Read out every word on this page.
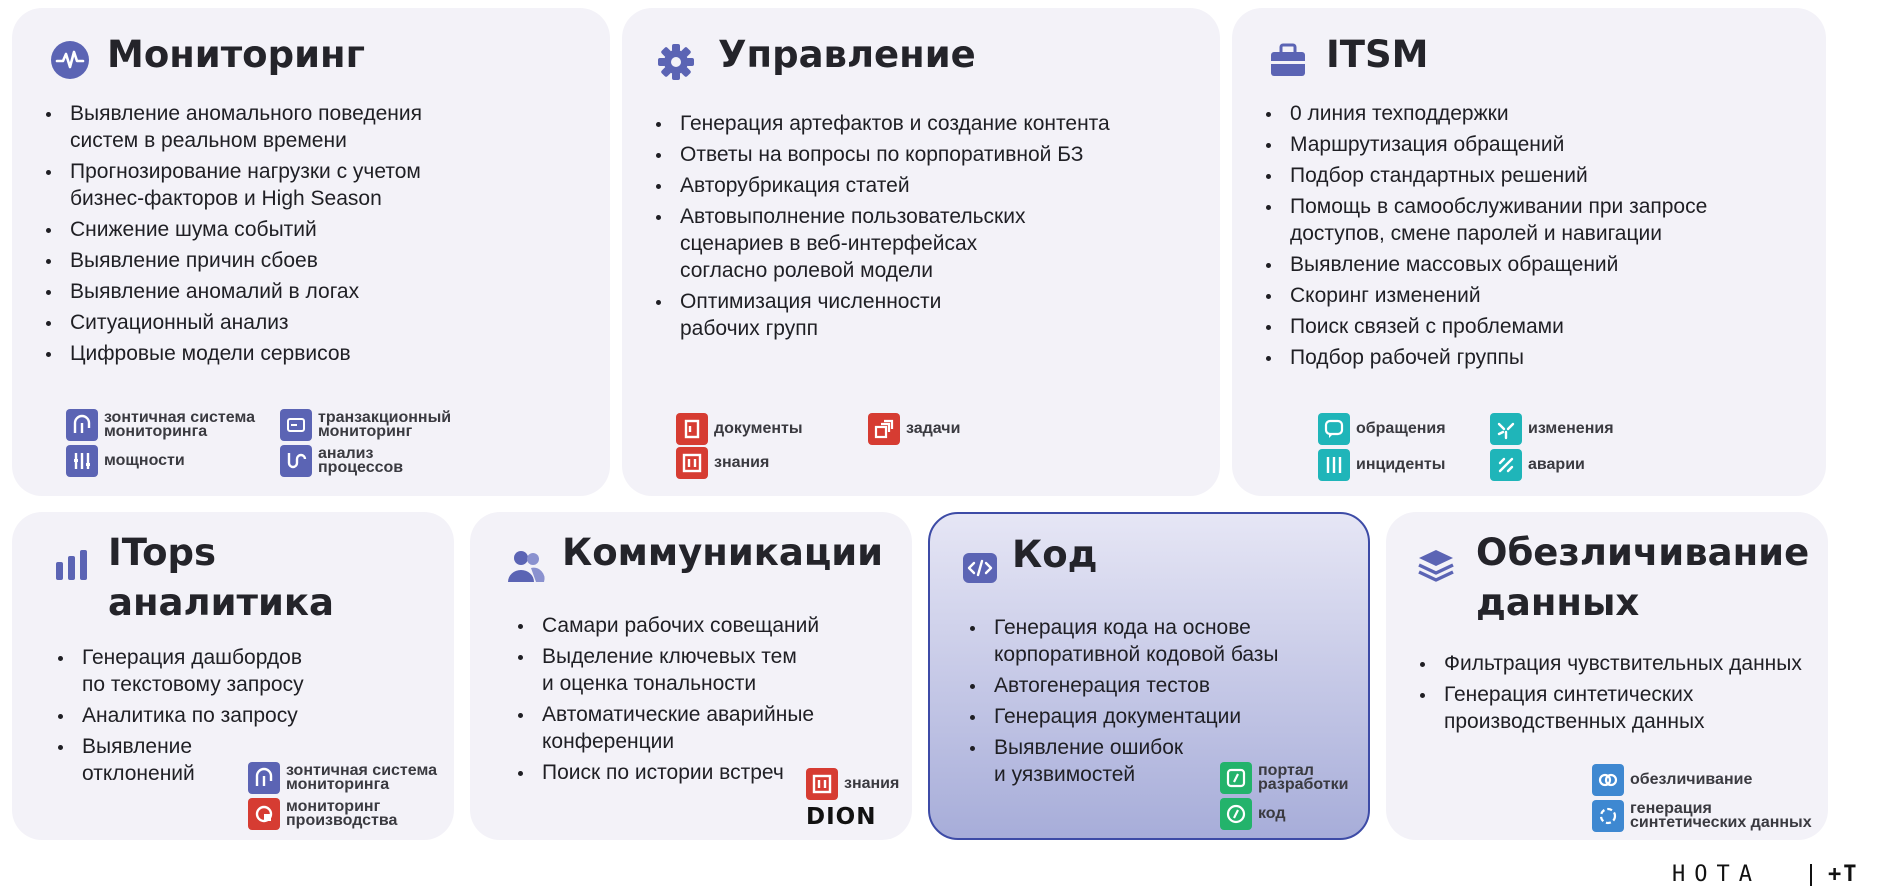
Мониторинг
Выявление аномального поведения
систем в реальном времени
Прогнозирование нагрузки с учетом
бизнес-факторов и High Season
Снижение шума событий
Выявление причин сбоев
Выявление аномалий в логах
Ситуационный анализ
Цифровые модели сервисов
зонтичная система
мониторинга
транзакционный
мониторинг
мощности	анализ
процессов
Управление
Генерация артефактов и создание контента
Ответы на вопросы по корпоративной БЗ
Авторубрикация статей
Автовыполнение пользовательских
сценариев в веб-интерфейсах
согласно ролевой модели
Оптимизация численности
рабочих групп
документы	задачи
знания
ITSM
0 линия техподдержки
Маршрутизация обращений
Подбор стандартных решений
Помощь в самообслуживании при запросе
доступов, смене паролей и навигации
Выявление массовых обращений
Скоринг изменений
Поиск связей с проблемами
Подбор рабочей группы
обращения	изменения
инциденты	аварии
ITops
аналитика
Генерация дашбордов
по текстовому запросу
Аналитика по запросу
Выявление
отклонений	зонтичная система
мониторинга
мониторинг
производства
Коммуникации
Самари рабочих совещаний
Выделение ключевых тем
и оценка тональности
Автоматические аварийные
конференции
Поиск по истории встреч	знания
DION
Код
Генерация кода на основе
корпоративной кодовой базы
Автогенерация тестов
Генерация документации
Выявление ошибок
и уязвимостей	портал
разработки
код
Обезличивание
данных
Фильтрация чувствительных данных
Генерация синтетических
производственных данных
обезличивание
генерация
синтетических данных
НОТА	+Т
